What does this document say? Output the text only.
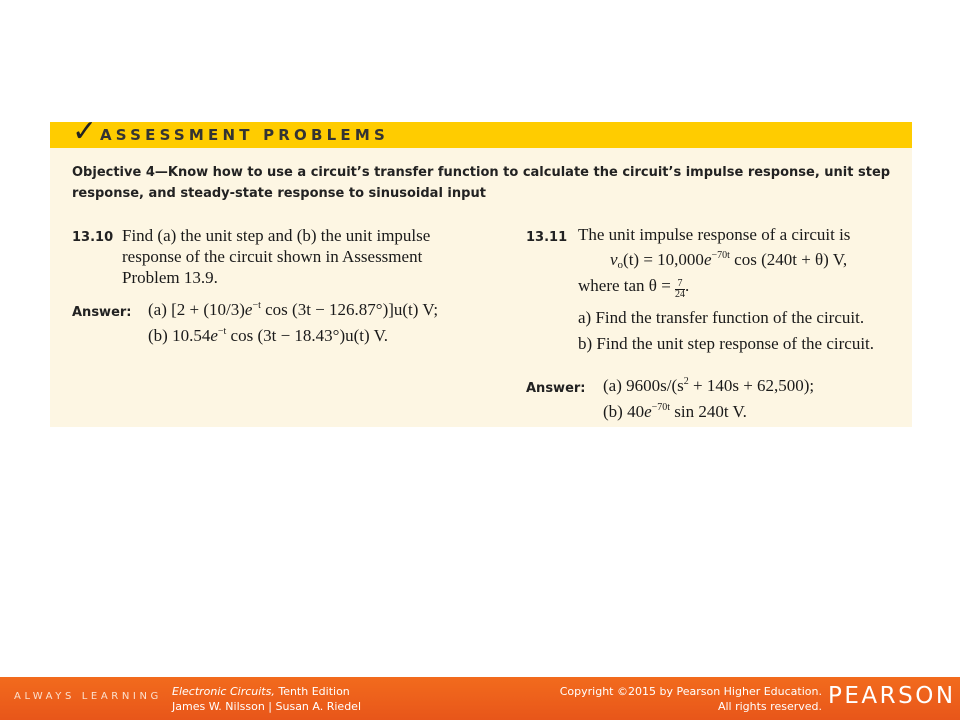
✓ ASSESSMENT PROBLEMS
Objective 4—Know how to use a circuit’s transfer function to calculate the circuit’s impulse response, unit step response, and steady-state response to sinusoidal input
13.10 Find (a) the unit step and (b) the unit impulse response of the circuit shown in Assessment Problem 13.9.
Answer: (a) [$2 + (10/3)e^{-t}$ cos (3t − 126.87°)]u(t) V;
(b) $10.54e^{-t}$ cos (3t − 18.43°)u(t) V.
13.11 The unit impulse response of a circuit is
$v_o(t) = 10,000e^{-70t}$ cos (240t + θ) V,
where $\tan \theta = \frac{7}{24}$ .
a) Find the transfer function of the circuit.
b) Find the unit step response of the circuit.
Answer: (a) $9600s/(s^2 + 140s + 62,500)$;
(b) $40e^{-70t}$ sin 240t V.
ALWAYS LEARNING Electronic Circuits, Tenth Edition
James W. Nilsson | Susan A. Riedel
Copyright ©2015 by Pearson Higher Education.
All rights reserved. PEARSON
